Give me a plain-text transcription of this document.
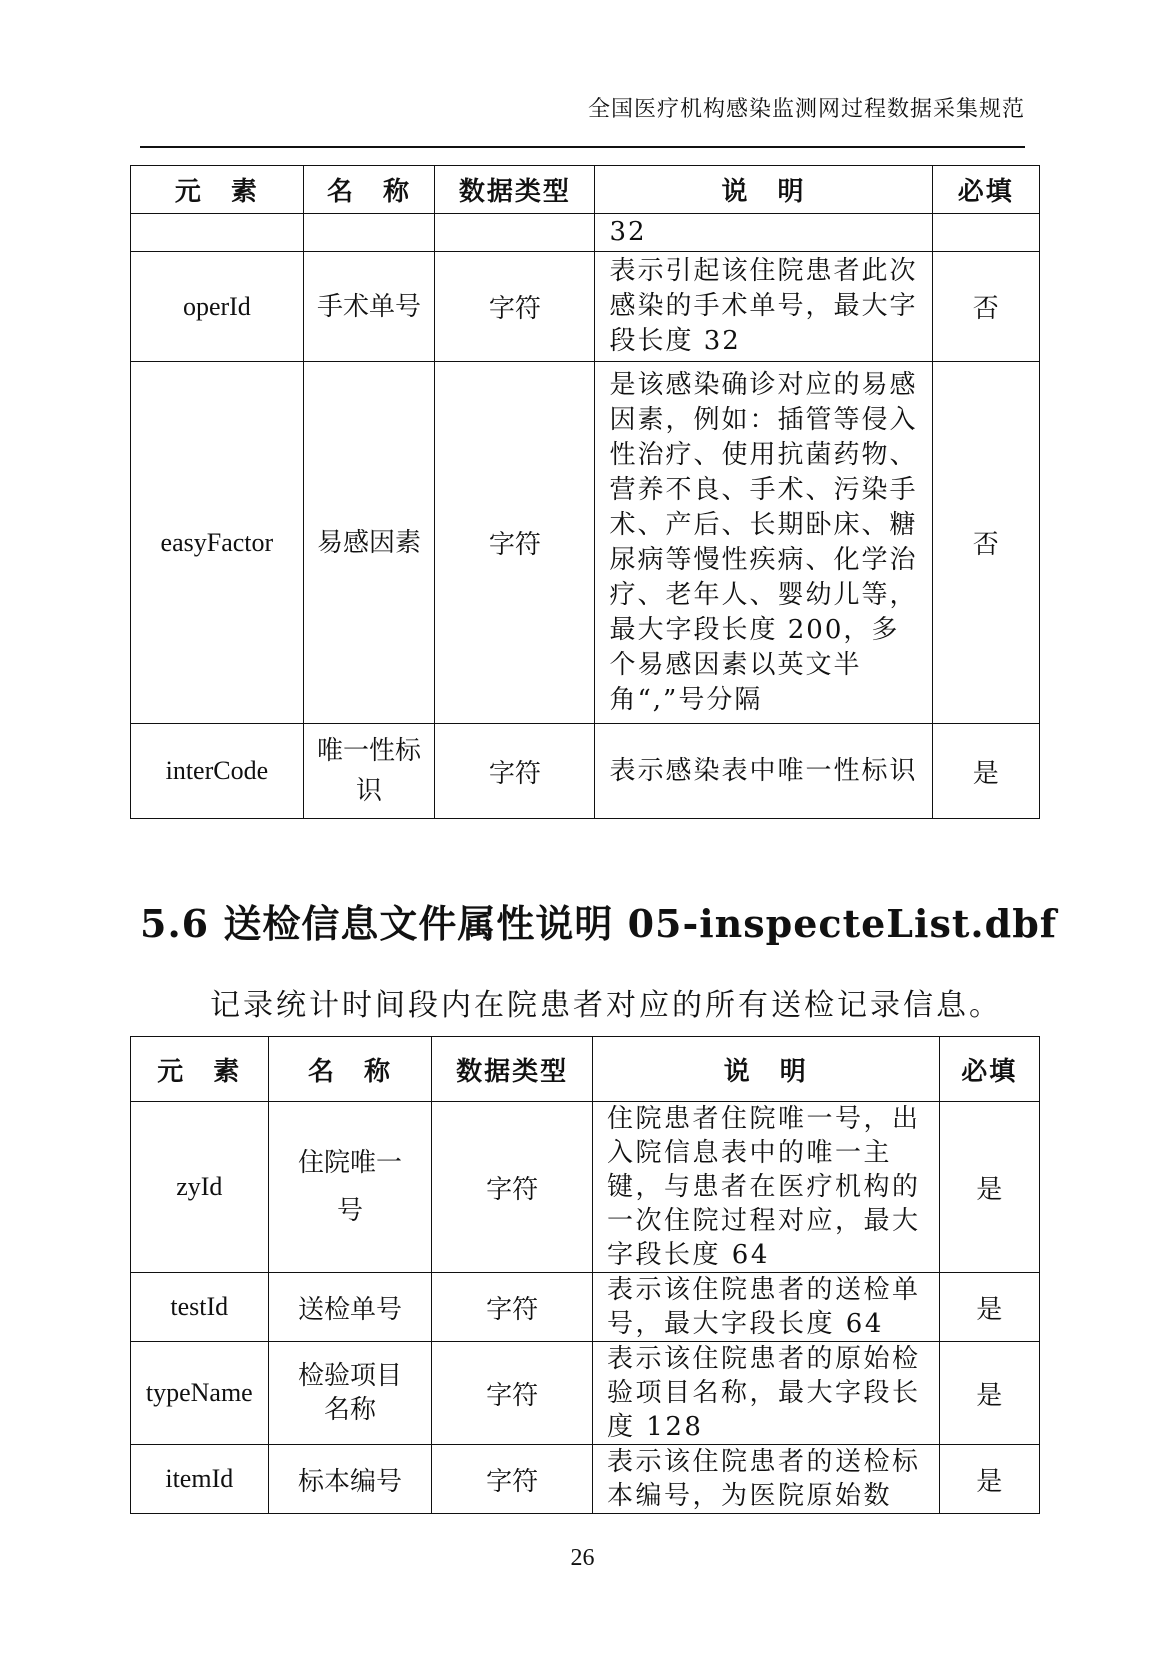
全国医疗机构感染监测网过程数据采集规范
元　素	名　称	数据类型	说　明	必填
			32	
operId	手术单号	字符	表示引起该住院患者此次感染的手术单号，最大字段长度 32	否
easyFactor	易感因素	字符	是该感染确诊对应的易感因素，例如：插管等侵入性治疗、使用抗菌药物、营养不良、手术、污染手术、产后、长期卧床、糖尿病等慢性疾病、化学治疗、老年人、婴幼儿等，最大字段长度 200，多个易感因素以英文半角“,”号分隔	否
interCode	唯一性标识	字符	表示感染表中唯一性标识	是
5.6 送检信息文件属性说明 05-inspecteList.dbf
记录统计时间段内在院患者对应的所有送检记录信息。
元　素	名　称	数据类型	说　明	必填
zyId	住院唯一号	字符	住院患者住院唯一号，出入院信息表中的唯一主键，与患者在医疗机构的一次住院过程对应，最大字段长度 64	是
testId	送检单号	字符	表示该住院患者的送检单号，最大字段长度 64	是
typeName	检验项目名称	字符	表示该住院患者的原始检验项目名称，最大字段长度 128	是
itemId	标本编号	字符	表示该住院患者的送检标本编号，为医院原始数	是
26
